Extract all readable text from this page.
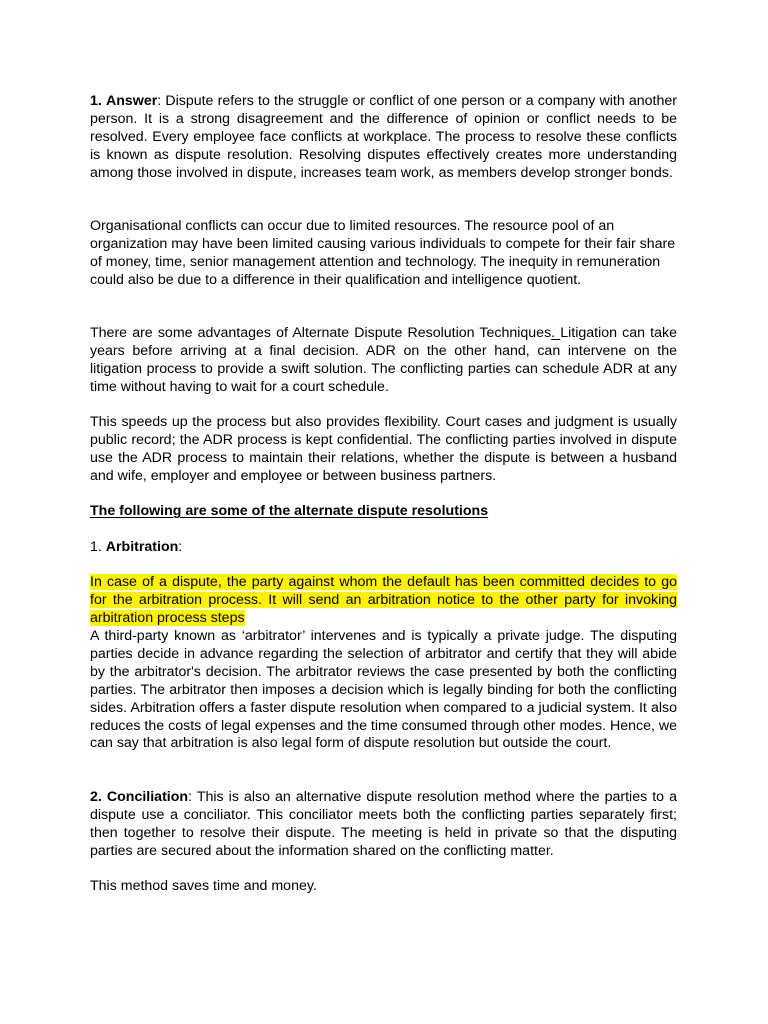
1. Answer: Dispute refers to the struggle or conflict of one person or a company with another person. It is a strong disagreement and the difference of opinion or conflict needs to be resolved. Every employee face conflicts at workplace. The process to resolve these conflicts is known as dispute resolution. Resolving disputes effectively creates more understanding among those involved in dispute, increases team work, as members develop stronger bonds.

Organisational conflicts can occur due to limited resources. The resource pool of an organization may have been limited causing various individuals to compete for their fair share of money, time, senior management attention and technology. The inequity in remuneration could also be due to a difference in their qualification and intelligence quotient.

There are some advantages of Alternate Dispute Resolution Techniques. Litigation can take years before arriving at a final decision. ADR on the other hand, can intervene on the litigation process to provide a swift solution. The conflicting parties can schedule ADR at any time without having to wait for a court schedule.

This speeds up the process but also provides flexibility. Court cases and judgment is usually public record; the ADR process is kept confidential. The conflicting parties involved in dispute use the ADR process to maintain their relations, whether the dispute is between a husband and wife, employer and employee or between business partners.

The following are some of the alternate dispute resolutions

1. Arbitration:

In case of a dispute, the party against whom the default has been committed decides to go for the arbitration process. It will send an arbitration notice to the other party for invoking arbitration process steps

A third-party known as ‘arbitrator’ intervenes and is typically a private judge. The disputing parties decide in advance regarding the selection of arbitrator and certify that they will abide by the arbitrator's decision. The arbitrator reviews the case presented by both the conflicting parties. The arbitrator then imposes a decision which is legally binding for both the conflicting sides. Arbitration offers a faster dispute resolution when compared to a judicial system. It also reduces the costs of legal expenses and the time consumed through other modes. Hence, we can say that arbitration is also legal form of dispute resolution but outside the court.

2. Conciliation: This is also an alternative dispute resolution method where the parties to a dispute use a conciliator. This conciliator meets both the conflicting parties separately first; then together to resolve their dispute. The meeting is held in private so that the disputing parties are secured about the information shared on the conflicting matter.

This method saves time and money.
